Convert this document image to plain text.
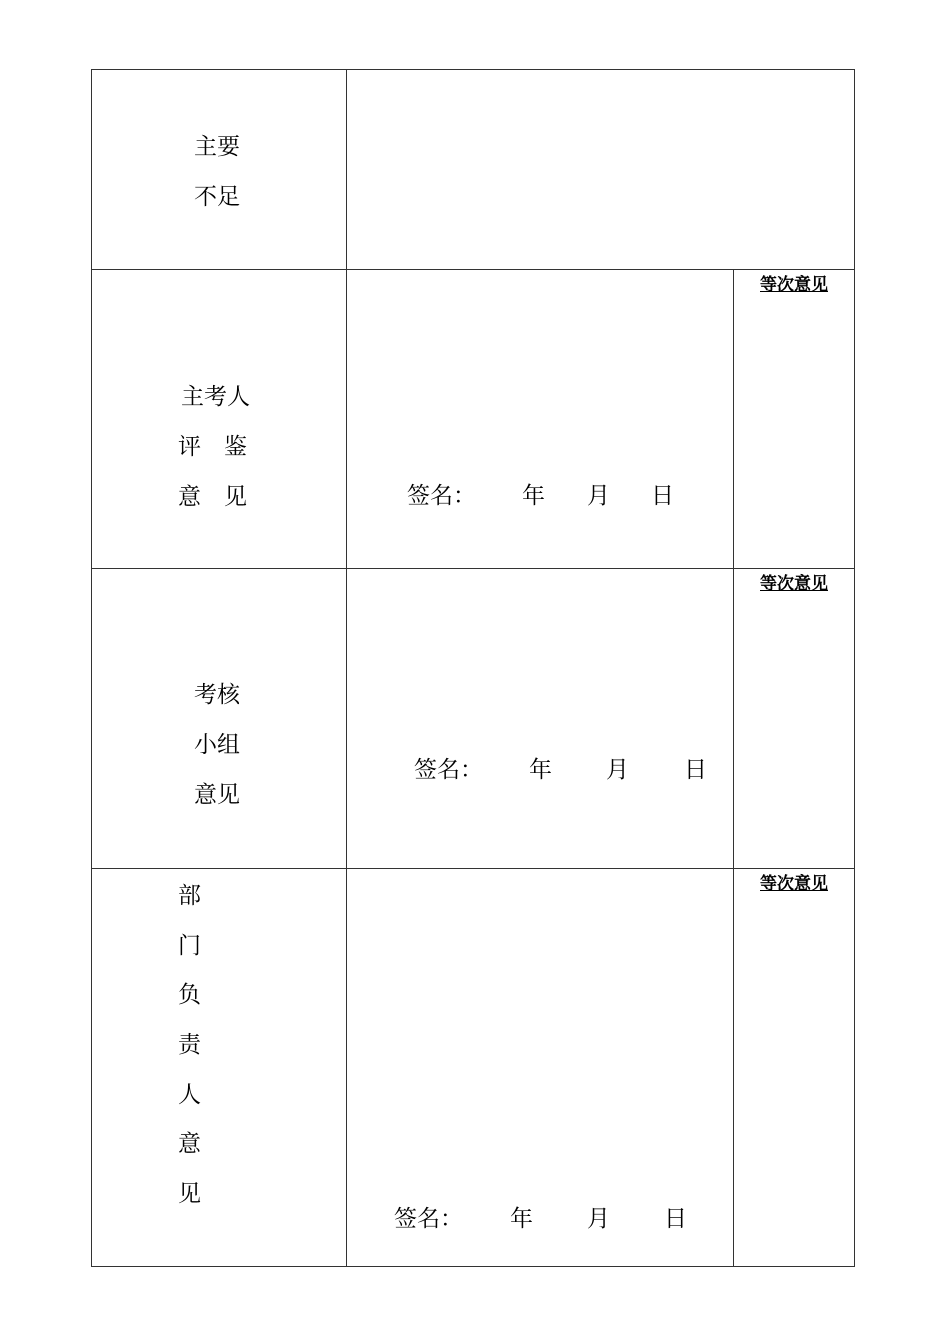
主要
不足
主考人
评　鉴
意　见	签名： 年 月 日
等次意见
考核
小组
意见
签名： 年 月 日
等次意见
部
门
负
责
人
意
见
签名： 年 月 日
等次意见
